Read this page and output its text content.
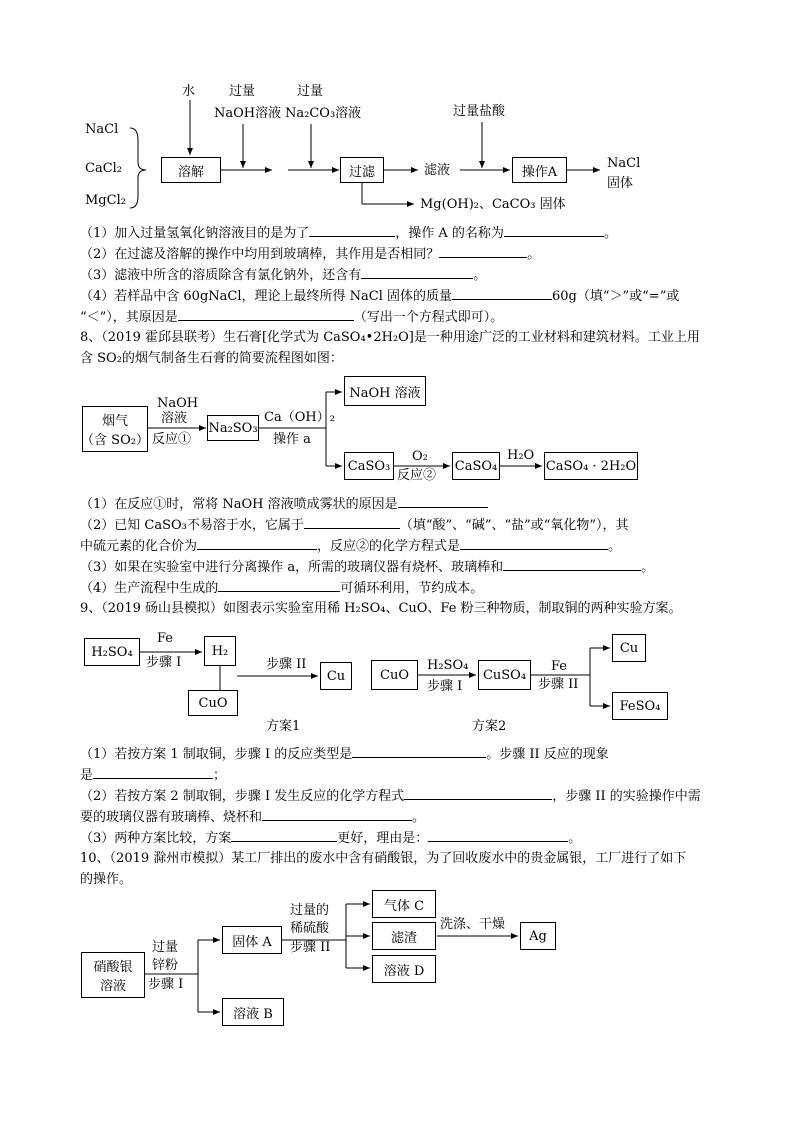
水	过量
NaOH溶液
过量
Na₂CO₃溶液	过量盐酸
NaCl
CaCl₂
MgCl₂
溶解	过滤	滤液	操作A
NaCl
固体
Mg(OH)₂、CaCO₃ 固体
（1）加入过量氢氧化钠溶液目的是为了	，操作 A 的名称为	。
（2）在过滤及溶解的操作中均用到玻璃棒，其作用是否相同？	。
（3）滤液中所含的溶质除含有氯化钠外，还含有	。
（4）若样品中含 60gNaCl，理论上最终所得 NaCl 固体的质量	60g（填“＞”或“=”或
“＜”），其原因是	（写出一个方程式即可）。
8、（2019 霍邱县联考）生石膏[化学式为 CaSO₄•2H₂O]是一种用途广泛的工业材料和建筑材料。工业上用
含 SO₂的烟气制备生石膏的简要流程图如图：
烟气
（含 SO₂）
NaOH
溶液
反应①
Na₂SO₃
Ca（OH）₂
操作 a
NaOH 溶液
CaSO₃
O₂
反应②
CaSO₄
H₂O
CaSO₄ · 2H₂O
（1）在反应①时，常将 NaOH 溶液喷成雾状的原因是
（2）已知 CaSO₃不易溶于水，它属于	（填“酸”、“碱”、“盐”或“氧化物”），其
中硫元素的化合价为	，反应②的化学方程式是	。
（3）如果在实验室中进行分离操作 a，所需的玻璃仪器有烧杯、玻璃棒和	。
（4）生产流程中生成的	可循环利用，节约成本。
9、（2019 砀山县模拟）如图表示实验室用稀 H₂SO₄、CuO、Fe 粉三种物质，制取铜的两种实验方案。
H₂SO₄
Fe
步骤 I
H₂
步骤 II
Cu
CuO
方案1
CuO
H₂SO₄
步骤 I
CuSO₄
Fe
步骤 II
Cu
FeSO₄
方案2
（1）若按方案 1 制取铜，步骤 I 的反应类型是	。步骤 II 反应的现象
是	；
（2）若按方案 2 制取铜，步骤 I 发生反应的化学方程式	，步骤 II 的实验操作中需
要的玻璃仪器有玻璃棒、烧杯和	。
（3）两种方案比较，方案	更好，理由是：	。
10、（2019 滁州市模拟）某工厂排出的废水中含有硝酸银，为了回收废水中的贵金属银，工厂进行了如下
的操作。
硝酸银
溶液
过量
锌粉
步骤 I
固体 A
溶液 B
过量的
稀硫酸
步骤 II
气体 C
滤渣
溶液 D
洗涤、干燥
Ag
